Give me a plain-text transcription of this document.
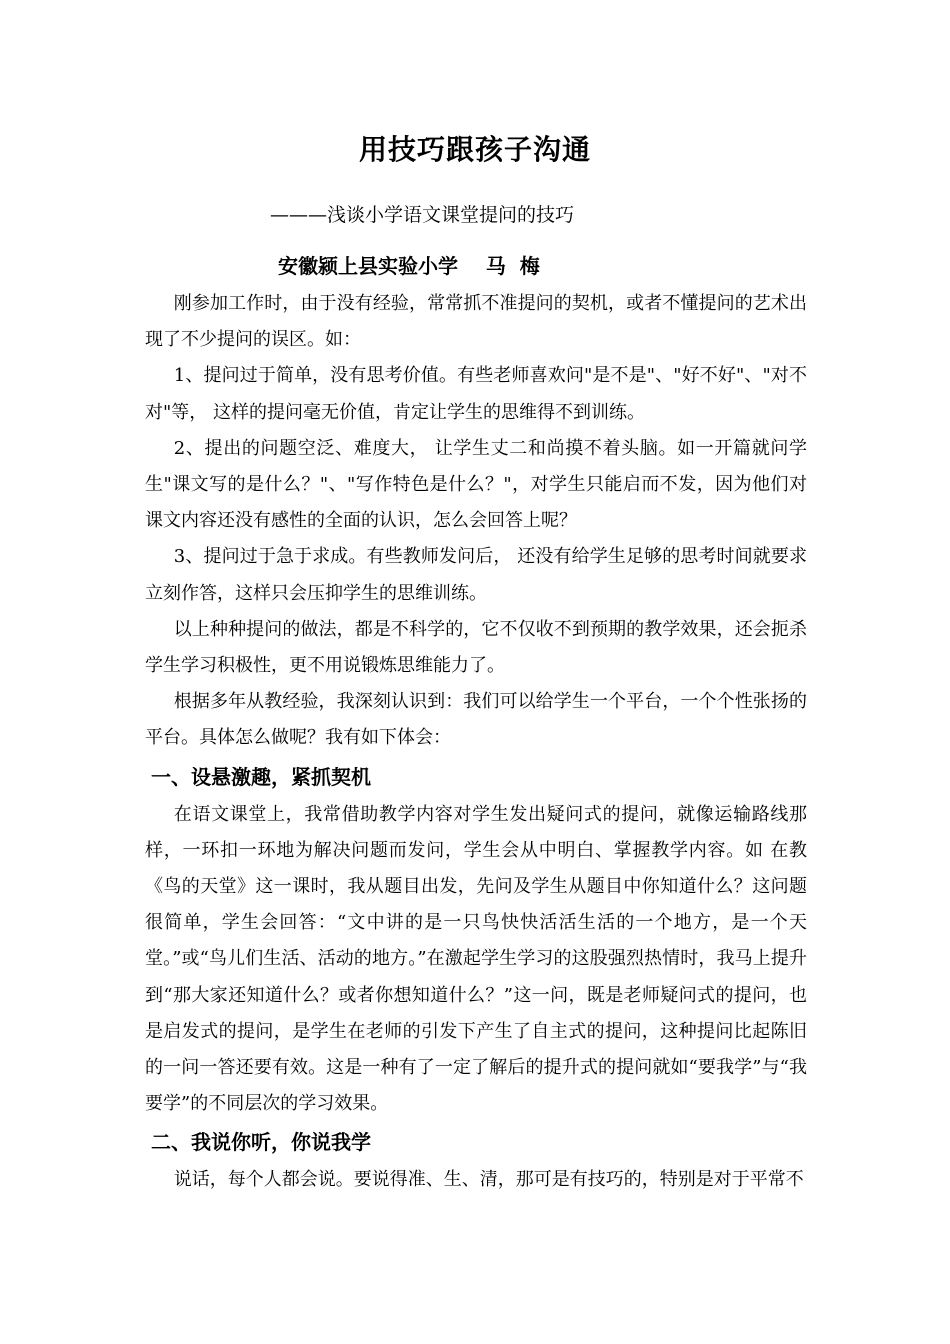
用技巧跟孩子沟通
———浅谈小学语文课堂提问的技巧
安徽颍上县实验小学    马  梅

刚参加工作时，由于没有经验，常常抓不准提问的契机，或者不懂提问的艺术出现了不少提问的误区。如：

1、提问过于简单，没有思考价值。有些老师喜欢问"是不是"、"好不好"、"对不对"等， 这样的提问毫无价值，肯定让学生的思维得不到训练。

2、提出的问题空泛、难度大， 让学生丈二和尚摸不着头脑。如一开篇就问学生"课文写的是什么？"、"写作特色是什么？"，对学生只能启而不发，因为他们对课文内容还没有感性的全面的认识，怎么会回答上呢？

3、提问过于急于求成。有些教师发问后， 还没有给学生足够的思考时间就要求立刻作答，这样只会压抑学生的思维训练。

以上种种提问的做法，都是不科学的，它不仅收不到预期的教学效果，还会扼杀学生学习积极性，更不用说锻炼思维能力了。

根据多年从教经验，我深刻认识到：我们可以给学生一个平台，一个个性张扬的平台。具体怎么做呢？我有如下体会：

一、设悬激趣，紧抓契机

在语文课堂上，我常借助教学内容对学生发出疑问式的提问，就像运输路线那样，一环扣一环地为解决问题而发问，学生会从中明白、掌握教学内容。如 在教《鸟的天堂》这一课时，我从题目出发，先问及学生从题目中你知道什么？这问题很简单，学生会回答：“文中讲的是一只鸟快快活活生活的一个地方，是一个天堂。”或“鸟儿们生活、活动的地方。”在激起学生学习的这股强烈热情时，我马上提升到“那大家还知道什么？或者你想知道什么？”这一问，既是老师疑问式的提问，也是启发式的提问，是学生在老师的引发下产生了自主式的提问，这种提问比起陈旧的一问一答还要有效。这是一种有了一定了解后的提升式的提问就如“要我学”与“我要学”的不同层次的学习效果。

二、我说你听，你说我学

说话，每个人都会说。要说得准、生、清，那可是有技巧的，特别是对于平常不
